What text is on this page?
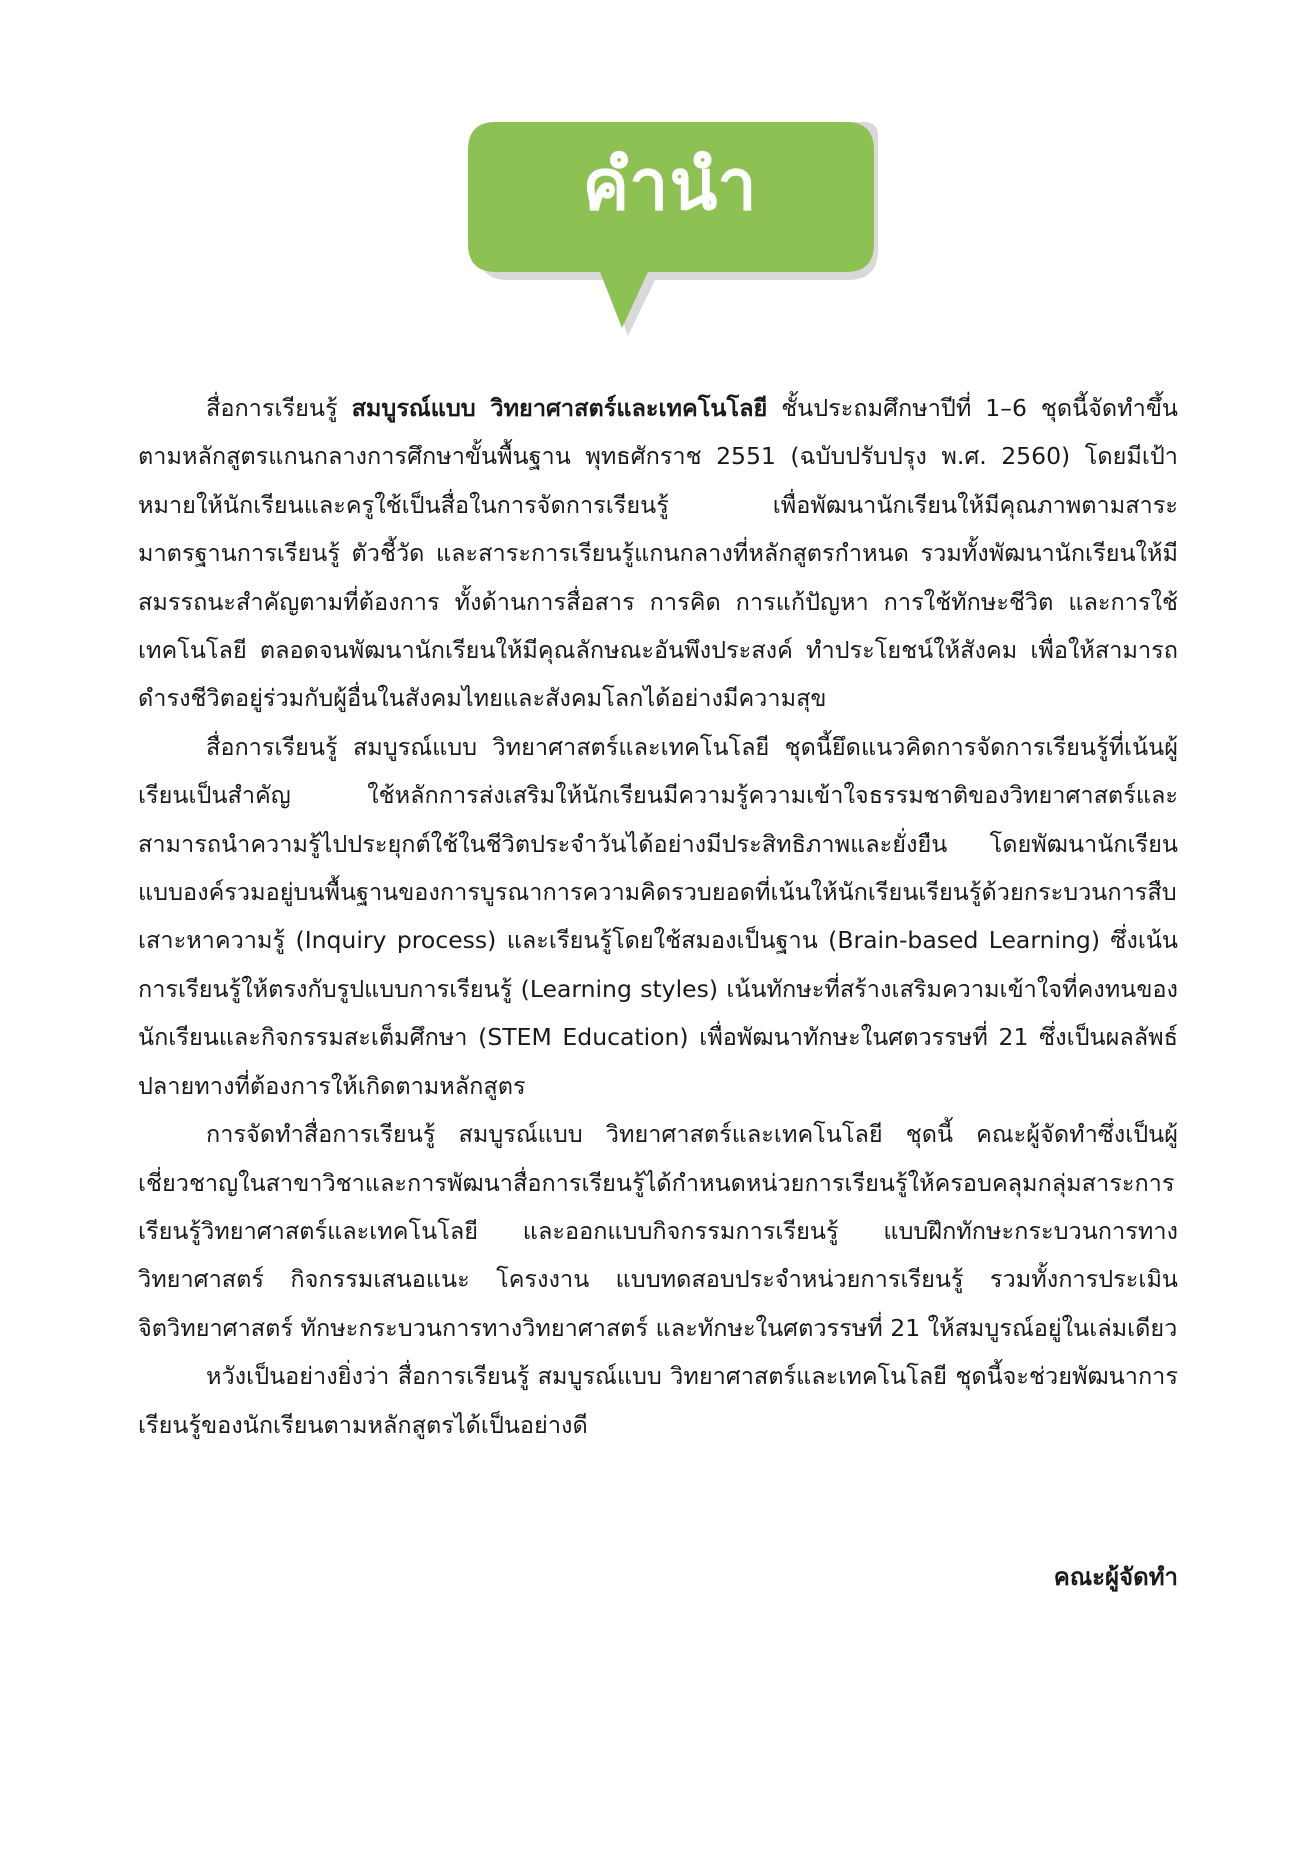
คำนำ

สื่อการเรียนรู้ สมบูรณ์แบบ วิทยาศาสตร์และเทคโนโลยี ชั้นประถมศึกษาปีที่ 1–6 ชุดนี้จัดทำขึ้นตามหลักสูตรแกนกลางการศึกษาขั้นพื้นฐาน พุทธศักราช 2551 (ฉบับปรับปรุง พ.ศ. 2560) โดยมีเป้าหมายให้นักเรียนและครูใช้เป็นสื่อในการจัดการเรียนรู้ เพื่อพัฒนานักเรียนให้มีคุณภาพตามสาระ มาตรฐานการเรียนรู้ ตัวชี้วัด และสาระการเรียนรู้แกนกลางที่หลักสูตรกำหนด รวมทั้งพัฒนานักเรียนให้มีสมรรถนะสำคัญตามที่ต้องการ ทั้งด้านการสื่อสาร การคิด การแก้ปัญหา การใช้ทักษะชีวิต และการใช้เทคโนโลยี ตลอดจนพัฒนานักเรียนให้มีคุณลักษณะอันพึงประสงค์ ทำประโยชน์ให้สังคม เพื่อให้สามารถดำรงชีวิตอยู่ร่วมกับผู้อื่นในสังคมไทยและสังคมโลกได้อย่างมีความสุข

สื่อการเรียนรู้ สมบูรณ์แบบ วิทยาศาสตร์และเทคโนโลยี ชุดนี้ยึดแนวคิดการจัดการเรียนรู้ที่เน้นผู้เรียนเป็นสำคัญ ใช้หลักการส่งเสริมให้นักเรียนมีความรู้ความเข้าใจธรรมชาติของวิทยาศาสตร์และสามารถนำความรู้ไปประยุกต์ใช้ในชีวิตประจำวันได้อย่างมีประสิทธิภาพและยั่งยืน โดยพัฒนานักเรียนแบบองค์รวมอยู่บนพื้นฐานของการบูรณาการความคิดรวบยอดที่เน้นให้นักเรียนเรียนรู้ด้วยกระบวนการสืบเสาะหาความรู้ (Inquiry process) และเรียนรู้โดยใช้สมองเป็นฐาน (Brain-based Learning) ซึ่งเน้นการเรียนรู้ให้ตรงกับรูปแบบการเรียนรู้ (Learning styles) เน้นทักษะที่สร้างเสริมความเข้าใจที่คงทนของนักเรียนและกิจกรรมสะเต็มศึกษา (STEM Education) เพื่อพัฒนาทักษะในศตวรรษที่ 21 ซึ่งเป็นผลลัพธ์ปลายทางที่ต้องการให้เกิดตามหลักสูตร

การจัดทำสื่อการเรียนรู้ สมบูรณ์แบบ วิทยาศาสตร์และเทคโนโลยี ชุดนี้ คณะผู้จัดทำซึ่งเป็นผู้เชี่ยวชาญในสาขาวิชาและการพัฒนาสื่อการเรียนรู้ได้กำหนดหน่วยการเรียนรู้ให้ครอบคลุมกลุ่มสาระการเรียนรู้วิทยาศาสตร์และเทคโนโลยี และออกแบบกิจกรรมการเรียนรู้ แบบฝึกทักษะกระบวนการทางวิทยาศาสตร์ กิจกรรมเสนอแนะ โครงงาน แบบทดสอบประจำหน่วยการเรียนรู้ รวมทั้งการประเมินจิตวิทยาศาสตร์ ทักษะกระบวนการทางวิทยาศาสตร์ และทักษะในศตวรรษที่ 21 ให้สมบูรณ์อยู่ในเล่มเดียว

หวังเป็นอย่างยิ่งว่า สื่อการเรียนรู้ สมบูรณ์แบบ วิทยาศาสตร์และเทคโนโลยี ชุดนี้จะช่วยพัฒนาการเรียนรู้ของนักเรียนตามหลักสูตรได้เป็นอย่างดี

คณะผู้จัดทำ
